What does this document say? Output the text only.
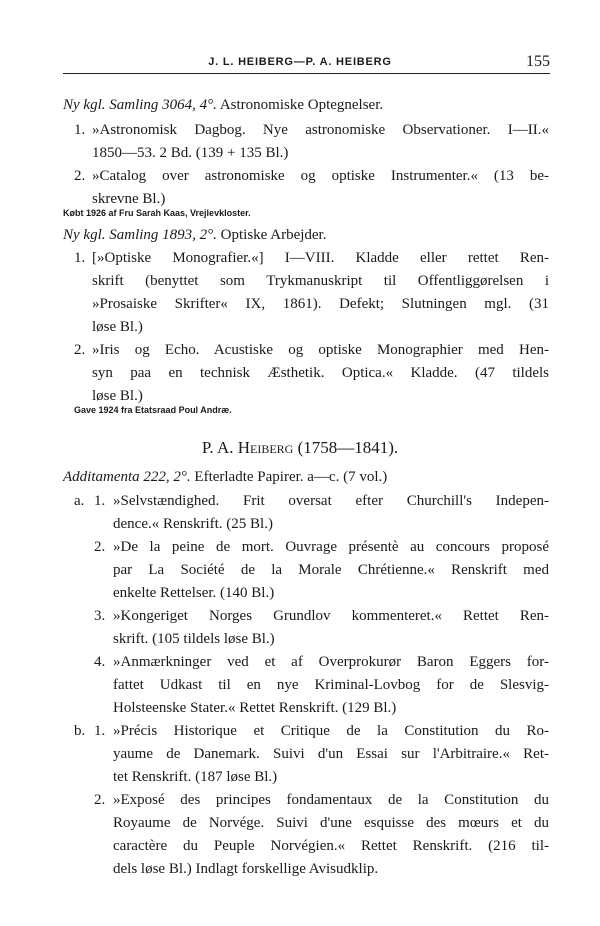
J. L. HEIBERG—P. A. HEIBERG	155
Ny kgl. Samling 3064, 4°. Astronomiske Optegnelser.
1. »Astronomisk Dagbog. Nye astronomiske Observationer. I—II.«
1850—53. 2 Bd. (139 + 135 Bl.)
2. »Catalog over astronomiske og optiske Instrumenter.« (13 be-
skrevne Bl.)
Købt 1926 af Fru Sarah Kaas, Vrejlevkloster.
Ny kgl. Samling 1893, 2°. Optiske Arbejder.
1. [»Optiske Monografier.«] I—VIII. Kladde eller rettet Ren-
skrift (benyttet som Trykmanuskript til Offentliggørelsen i
»Prosaiske Skrifter« IX, 1861). Defekt; Slutningen mgl. (31
løse Bl.)
2. »Iris og Echo. Acustiske og optiske Monographier med Hen-
syn paa en technisk Æsthetik. Optica.« Kladde. (47 tildels
løse Bl.)
Gave 1924 fra Etatsraad Poul Andræ.
P. A. Heiberg (1758—1841).
Additamenta 222, 2°. Efterladte Papirer. a—c. (7 vol.)
a. 1. »Selvstændighed. Frit oversat efter Churchill's Indepen-
dence.« Renskrift. (25 Bl.)
2. »De la peine de mort. Ouvrage présentè au concours proposé
par La Société de la Morale Chrétienne.« Renskrift med
enkelte Rettelser. (140 Bl.)
3. »Kongeriget Norges Grundlov kommenteret.« Rettet Ren-
skrift. (105 tildels løse Bl.)
4. »Anmærkninger ved et af Overprokurør Baron Eggers for-
fattet Udkast til en nye Kriminal-Lovbog for de Slesvig-
Holsteenske Stater.« Rettet Renskrift. (129 Bl.)
b. 1. »Précis Historique et Critique de la Constitution du Ro-
yaume de Danemark. Suivi d'un Essai sur l'Arbitraire.« Ret-
tet Renskrift. (187 løse Bl.)
2. »Exposé des principes fondamentaux de la Constitution du
Royaume de Norvége. Suivi d'une esquisse des mœurs et du
caractère du Peuple Norvégien.« Rettet Renskrift. (216 til-
dels løse Bl.) Indlagt forskellige Avisudklip.
